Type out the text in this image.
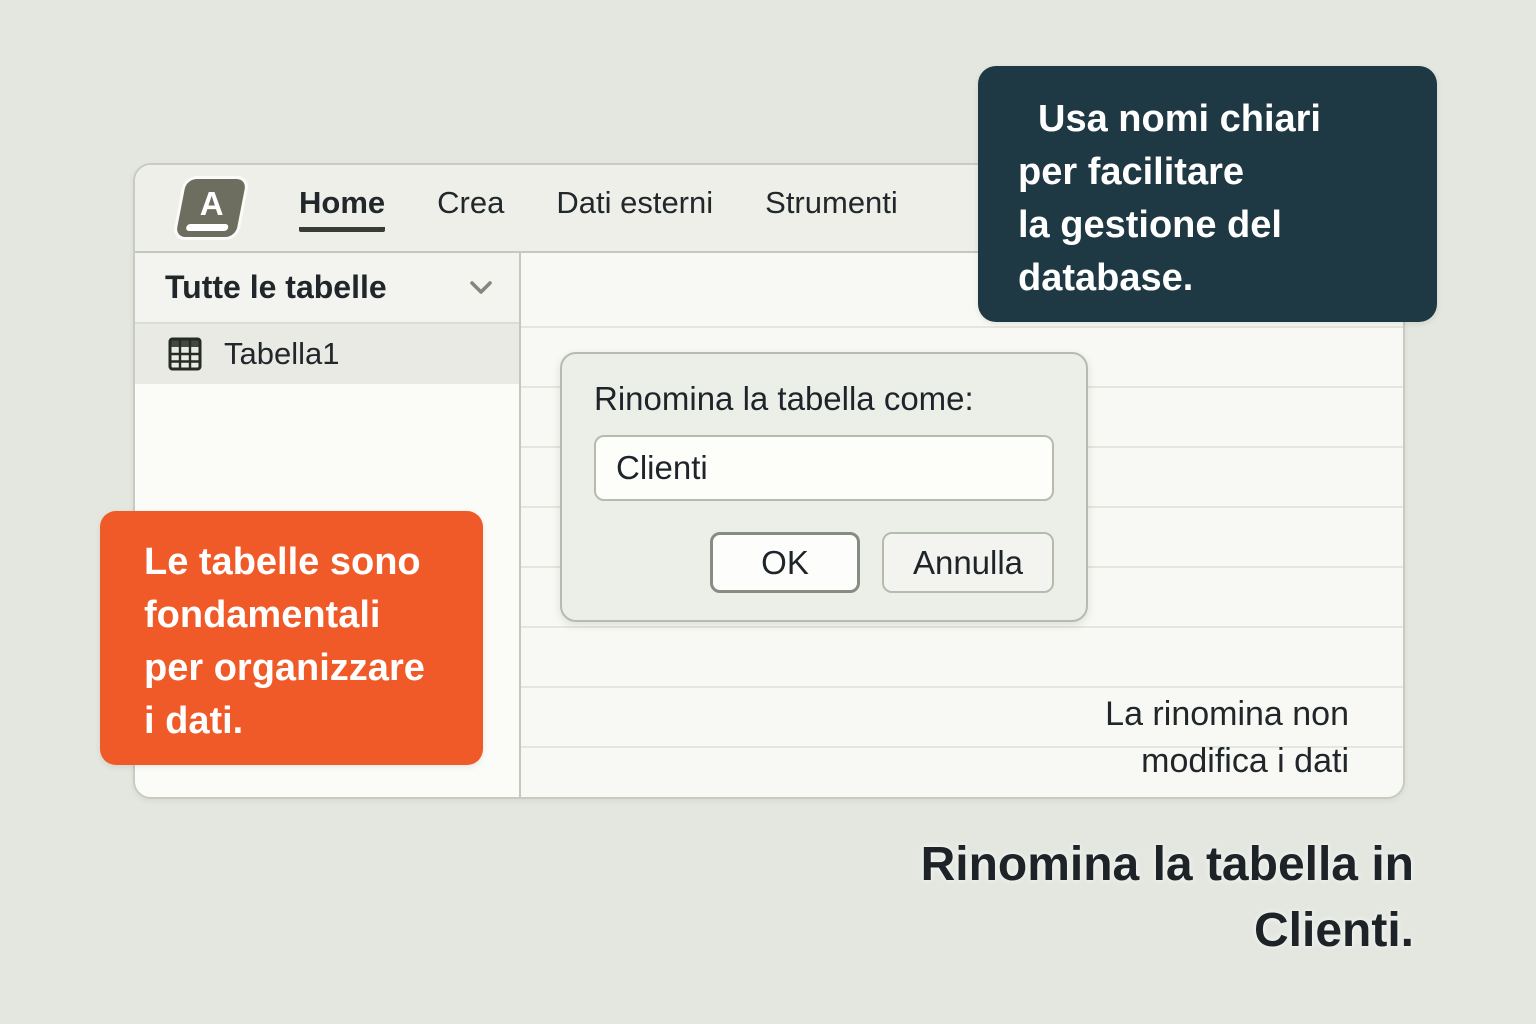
A Home Crea Dati esterni Strumenti
Tutte le tabelle
Tabella1
La rinomina non
modifica i dati
Rinomina la tabella come:
Clienti
OK	Annulla
Usa nomi chiari
per facilitare
la gestione del
database.
Le tabelle sono
fondamentali
per organizzare
i dati.
Rinomina la tabella in
Clienti.
